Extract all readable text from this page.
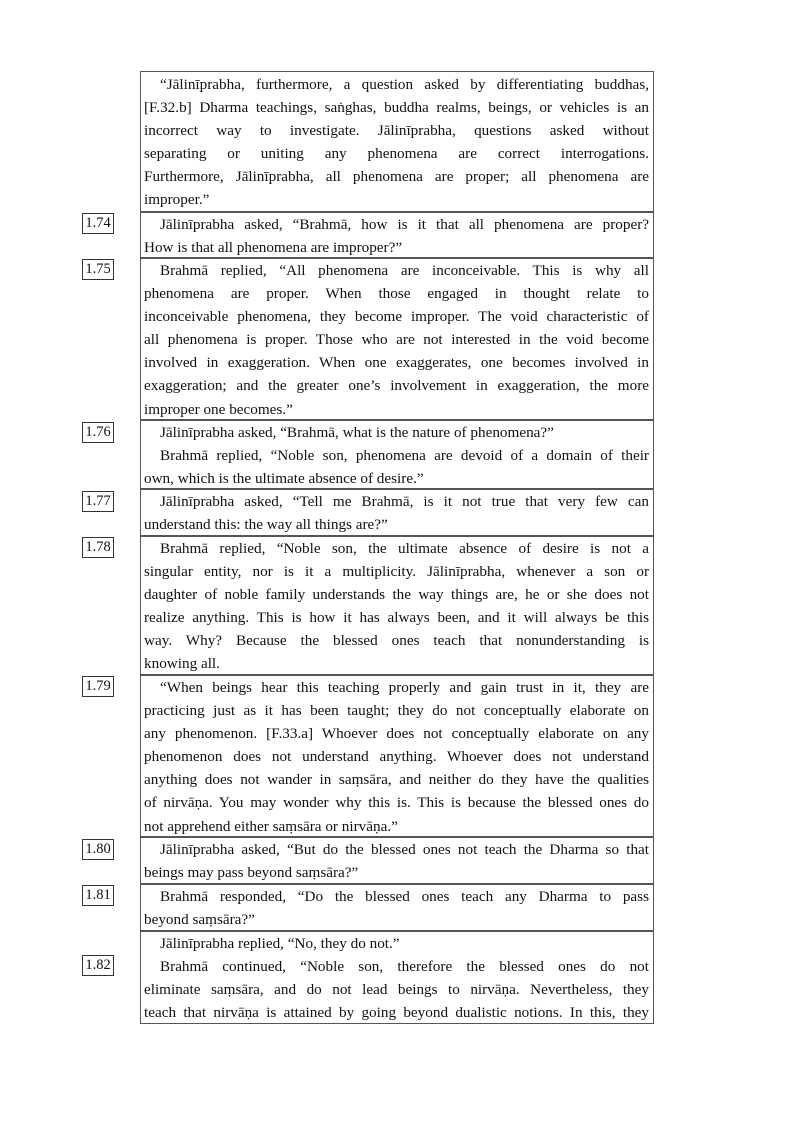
“Jālinīprabha, furthermore, a question asked by differentiating buddhas,
[F.32.b] Dharma teachings, saṅghas, buddha realms, beings, or vehicles is an
incorrect way to investigate. Jālinīprabha, questions asked without
separating or uniting any phenomena are correct interrogations.
Furthermore, Jālinīprabha, all phenomena are proper; all phenomena are
improper.”
1.74	Jālinīprabha asked, “Brahmā, how is it that all phenomena are proper?
How is that all phenomena are improper?”
1.75	Brahmā replied, “All phenomena are inconceivable. This is why all
phenomena are proper. When those engaged in thought relate to
inconceivable phenomena, they become improper. The void characteristic of
all phenomena is proper. Those who are not interested in the void become
involved in exaggeration. When one exaggerates, one becomes involved in
exaggeration; and the greater one’s involvement in exaggeration, the more
improper one becomes.”
1.76	Jālinīprabha asked, “Brahmā, what is the nature of phenomena?”
Brahmā replied, “Noble son, phenomena are devoid of a domain of their
own, which is the ultimate absence of desire.”
1.77	Jālinīprabha asked, “Tell me Brahmā, is it not true that very few can
understand this: the way all things are?”
1.78	Brahmā replied, “Noble son, the ultimate absence of desire is not a
singular entity, nor is it a multiplicity. Jālinīprabha, whenever a son or
daughter of noble family understands the way things are, he or she does not
realize anything. This is how it has always been, and it will always be this
way. Why? Because the blessed ones teach that nonunderstanding is
knowing all.
1.79	“When beings hear this teaching properly and gain trust in it, they are
practicing just as it has been taught; they do not conceptually elaborate on
any phenomenon. [F.33.a] Whoever does not conceptually elaborate on any
phenomenon does not understand anything. Whoever does not understand
anything does not wander in saṃsāra, and neither do they have the qualities
of nirvāṇa. You may wonder why this is. This is because the blessed ones do
not apprehend either saṃsāra or nirvāṇa.”
1.80	Jālinīprabha asked, “But do the blessed ones not teach the Dharma so that
beings may pass beyond saṃsāra?”
1.81	Brahmā responded, “Do the blessed ones teach any Dharma to pass
beyond saṃsāra?”
1.82
Jālinīprabha replied, “No, they do not.”
Brahmā continued, “Noble son, therefore the blessed ones do not
eliminate saṃsāra, and do not lead beings to nirvāṇa. Nevertheless, they
teach that nirvāṇa is attained by going beyond dualistic notions. In this, they
